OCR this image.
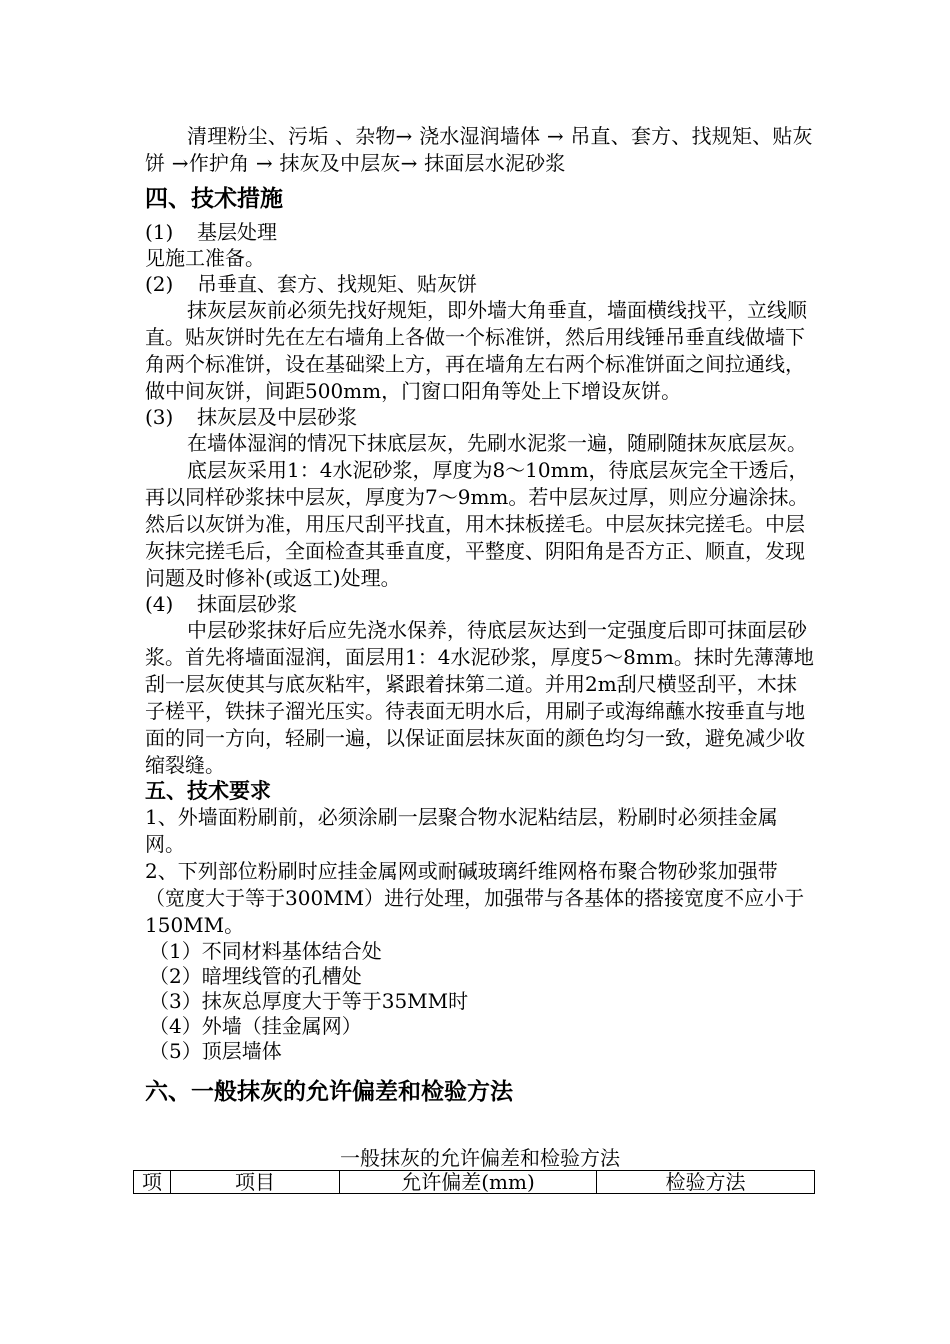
清理粉尘、污垢 、杂物→ 浇水湿润墙体 → 吊直、套方、找规矩、贴灰饼 →作护角 → 抹灰及中层灰→ 抹面层水泥砂浆

四、技术措施

(1) 基层处理

见施工准备。

(2) 吊垂直、套方、找规矩、贴灰饼

抹灰层灰前必须先找好规矩，即外墙大角垂直，墙面横线找平，立线顺直。贴灰饼时先在左右墙角上各做一个标准饼，然后用线锤吊垂直线做墙下角两个标准饼，设在基础梁上方，再在墙角左右两个标准饼面之间拉通线，做中间灰饼，间距500mm，门窗口阳角等处上下增设灰饼。

(3) 抹灰层及中层砂浆

在墙体湿润的情况下抹底层灰，先刷水泥浆一遍，随刷随抹灰底层灰。

底层灰采用1：4水泥砂浆，厚度为8～10mm，待底层灰完全干透后，再以同样砂浆抹中层灰，厚度为7～9mm。若中层灰过厚，则应分遍涂抹。然后以灰饼为准，用压尺刮平找直，用木抹板搓毛。中层灰抹完搓毛。中层灰抹完搓毛后，全面检查其垂直度，平整度、阴阳角是否方正、顺直，发现问题及时修补(或返工)处理。

(4) 抹面层砂浆

中层砂浆抹好后应先浇水保养，待底层灰达到一定强度后即可抹面层砂浆。首先将墙面湿润，面层用1：4水泥砂浆，厚度5～8mm。抹时先薄薄地刮一层灰使其与底灰粘牢，紧跟着抹第二道。并用2m刮尺横竖刮平，木抹子槎平，铁抹子溜光压实。待表面无明水后，用刷子或海绵蘸水按垂直与地面的同一方向，轻刷一遍，以保证面层抹灰面的颜色均匀一致，避免减少收缩裂缝。

五、技术要求

1、外墙面粉刷前，必须涂刷一层聚合物水泥粘结层，粉刷时必须挂金属网。

2、下列部位粉刷时应挂金属网或耐碱玻璃纤维网格布聚合物砂浆加强带（宽度大于等于300MM）进行处理，加强带与各基体的搭接宽度不应小于150MM。

（1）不同材料基体结合处

（2）暗埋线管的孔槽处

（3）抹灰总厚度大于等于35MM时

（4）外墙（挂金属网）

（5）顶层墙体

六、一般抹灰的允许偏差和检验方法

一般抹灰的允许偏差和检验方法

项	项目	允许偏差(mm)	检验方法
